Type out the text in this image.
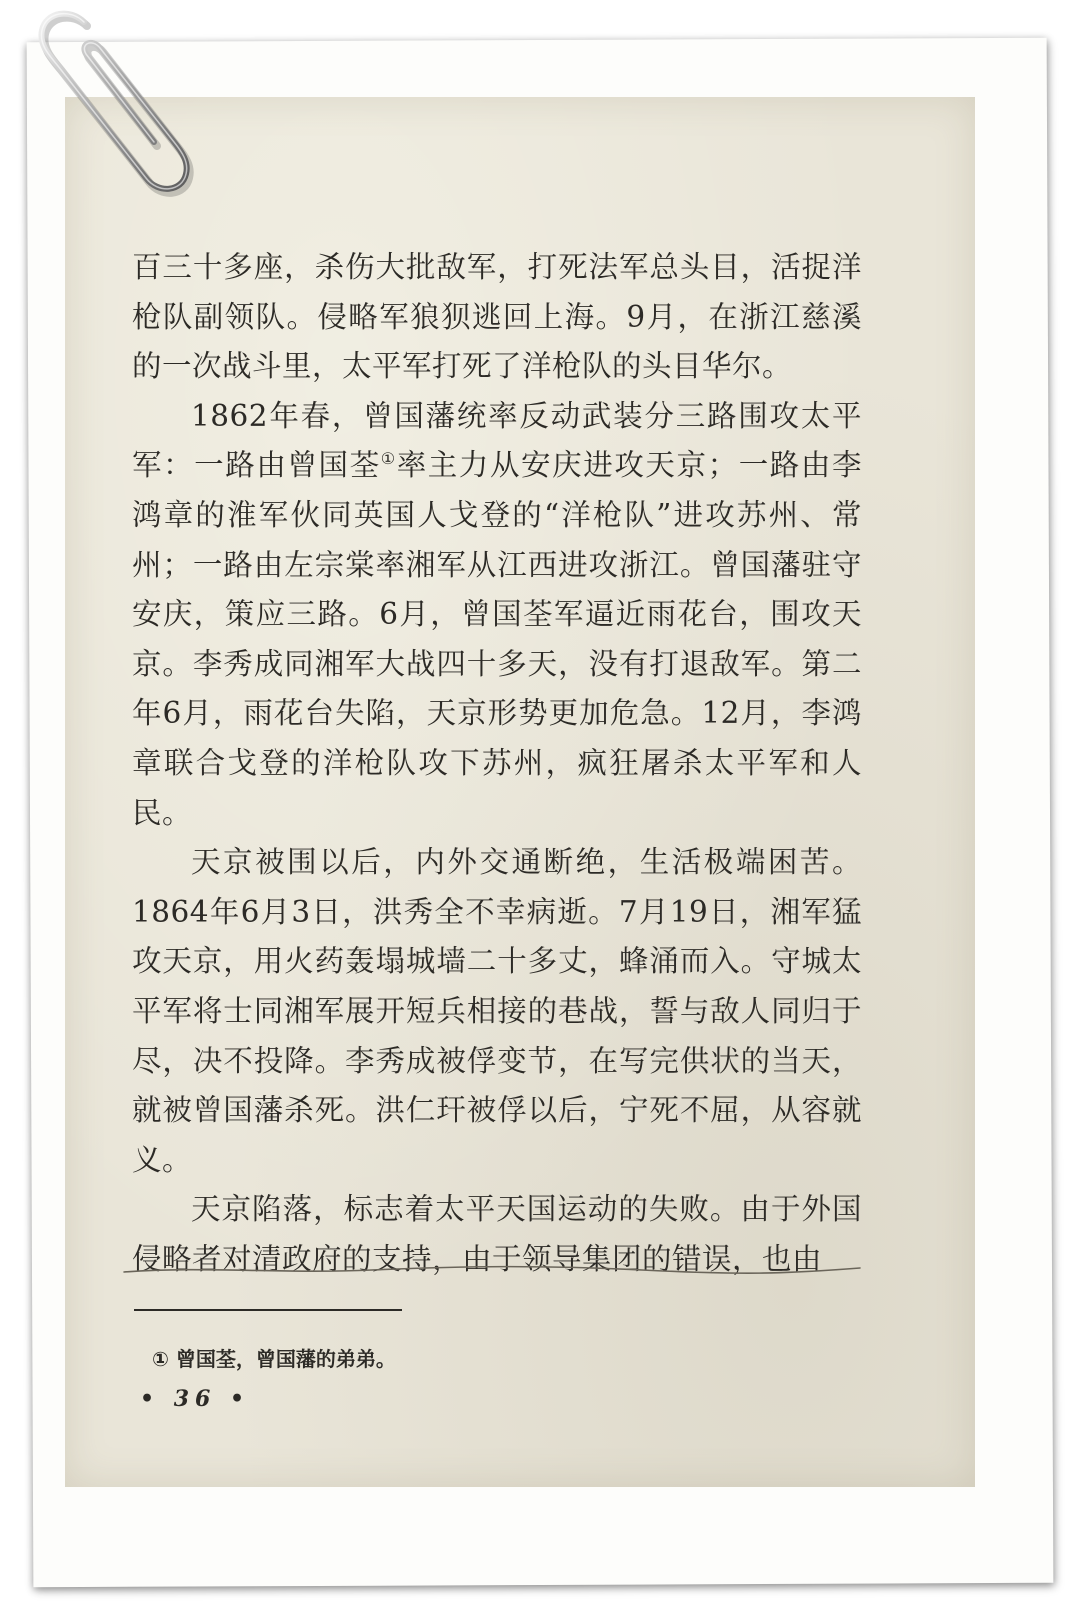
百三十多座，杀伤大批敌军，打死法军总头目，活捉洋枪队副领队。侵略军狼狈逃回上海。9月，在浙江慈溪的一次战斗里，太平军打死了洋枪队的头目华尔。

1862年春，曾国藩统率反动武装分三路围攻太平军：一路由曾国荃①率主力从安庆进攻天京；一路由李鸿章的淮军伙同英国人戈登的“洋枪队”进攻苏州、常州；一路由左宗棠率湘军从江西进攻浙江。曾国藩驻守安庆，策应三路。6月，曾国荃军逼近雨花台，围攻天京。李秀成同湘军大战四十多天，没有打退敌军。第二年6月，雨花台失陷，天京形势更加危急。12月，李鸿章联合戈登的洋枪队攻下苏州，疯狂屠杀太平军和人民。

天京被围以后，内外交通断绝，生活极端困苦。1864年6月3日，洪秀全不幸病逝。7月19日，湘军猛攻天京，用火药轰塌城墙二十多丈，蜂涌而入。守城太平军将士同湘军展开短兵相接的巷战，誓与敌人同归于尽，决不投降。李秀成被俘变节，在写完供状的当天，就被曾国藩杀死。洪仁玕被俘以后，宁死不屈，从容就义。

天京陷落，标志着太平天国运动的失败。由于外国侵略者对清政府的支持，由于领导集团的错误，也由

① 曾国荃，曾国藩的弟弟。
• 36 •
